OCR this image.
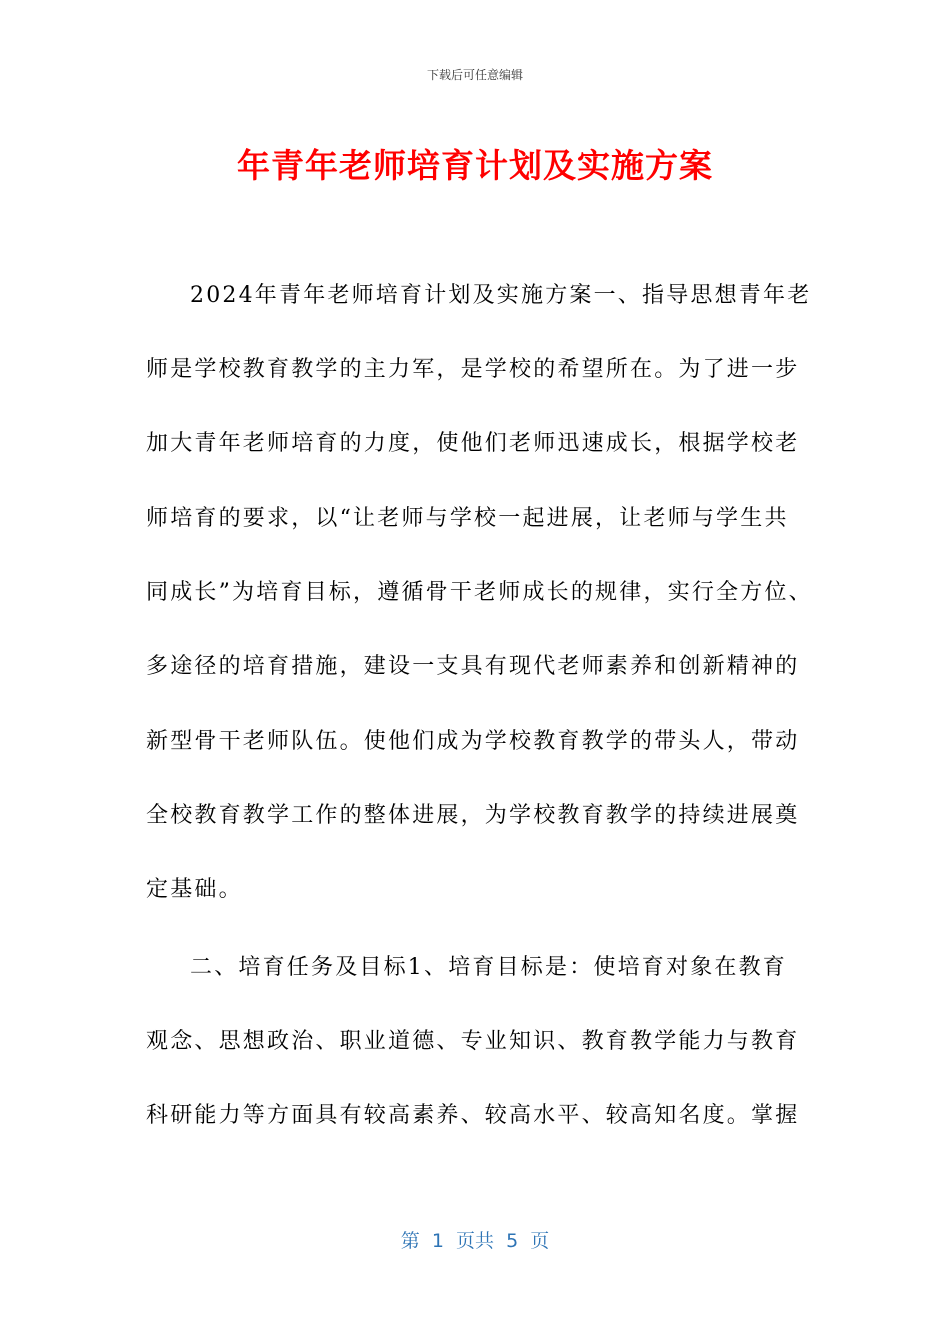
下载后可任意编辑
年青年老师培育计划及实施方案
2024年青年老师培育计划及实施方案一、指导思想青年老
师是学校教育教学的主力军，是学校的希望所在。为了进一步
加大青年老师培育的力度，使他们老师迅速成长，根据学校老
师培育的要求，以“让老师与学校一起进展，让老师与学生共
同成长”为培育目标，遵循骨干老师成长的规律，实行全方位、
多途径的培育措施，建设一支具有现代老师素养和创新精神的
新型骨干老师队伍。使他们成为学校教育教学的带头人，带动
全校教育教学工作的整体进展，为学校教育教学的持续进展奠
定基础。
二、培育任务及目标1、培育目标是：使培育对象在教育
观念、思想政治、职业道德、专业知识、教育教学能力与教育
科研能力等方面具有较高素养、较高水平、较高知名度。掌握
第  1  页共  5  页
